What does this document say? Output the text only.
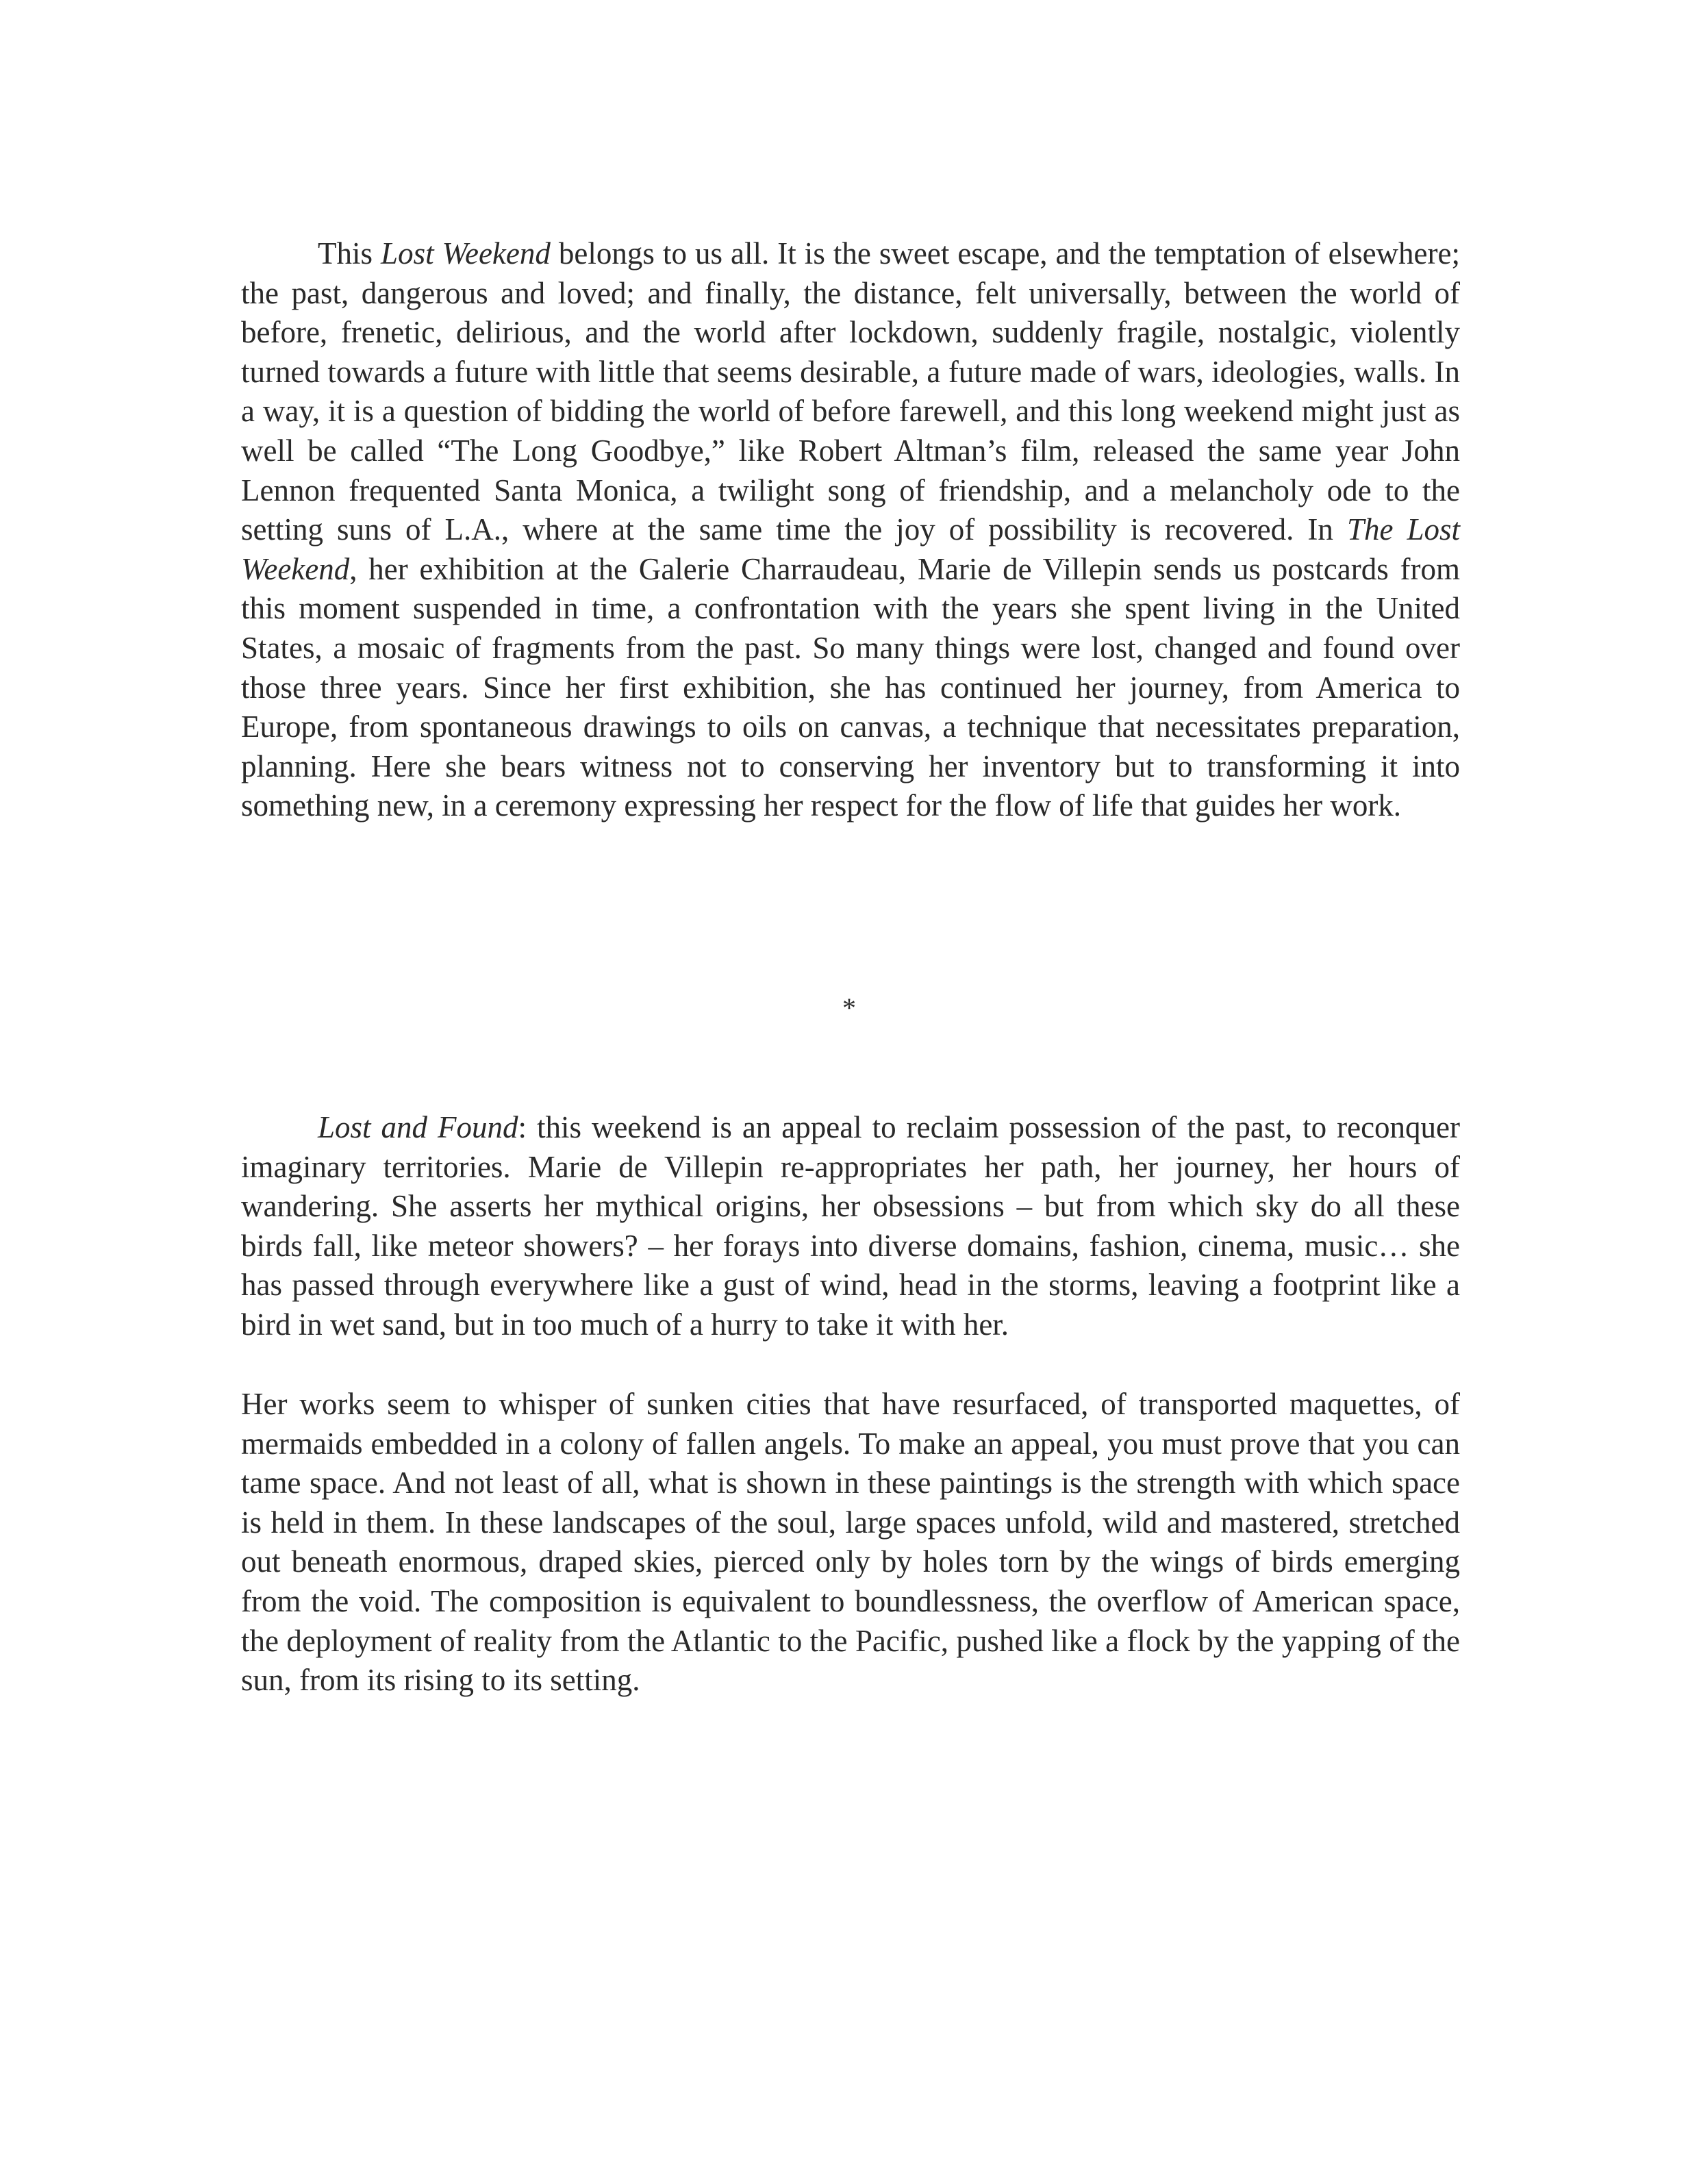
This Lost Weekend belongs to us all. It is the sweet escape, and the temptation of elsewhere; the past, dangerous and loved; and finally, the distance, felt universally, between the world of before, frenetic, delirious, and the world after lockdown, suddenly fragile, nostalgic, violently turned towards a future with little that seems desirable, a future made of wars, ideologies, walls. In a way, it is a question of bidding the world of before farewell, and this long weekend might just as well be called “The Long Goodbye,” like Robert Altman’s film, released the same year John Lennon frequented Santa Monica, a twilight song of friendship, and a melancholy ode to the setting suns of L.A., where at the same time the joy of possibility is recovered. In The Lost Weekend, her exhibition at the Galerie Charraudeau, Marie de Villepin sends us postcards from this moment suspended in time, a confrontation with the years she spent living in the United States, a mosaic of fragments from the past. So many things were lost, changed and found over those three years. Since her first exhibition, she has continued her journey, from America to Europe, from spontaneous drawings to oils on canvas, a technique that necessitates preparation, planning. Here she bears witness not to conserving her inventory but to transforming it into something new, in a ceremony expressing her respect for the flow of life that guides her work.

*

Lost and Found: this weekend is an appeal to reclaim possession of the past, to reconquer imaginary territories. Marie de Villepin re-appropriates her path, her journey, her hours of wandering. She asserts her mythical origins, her obsessions – but from which sky do all these birds fall, like meteor showers? – her forays into diverse domains, fashion, cinema, music… she has passed through everywhere like a gust of wind, head in the storms, leaving a footprint like a bird in wet sand, but in too much of a hurry to take it with her.

Her works seem to whisper of sunken cities that have resurfaced, of transported maquettes, of mermaids embedded in a colony of fallen angels. To make an appeal, you must prove that you can tame space. And not least of all, what is shown in these paintings is the strength with which space is held in them. In these landscapes of the soul, large spaces unfold, wild and mastered, stretched out beneath enormous, draped skies, pierced only by holes torn by the wings of birds emerging from the void. The composition is equivalent to boundlessness, the overflow of American space, the deployment of reality from the Atlantic to the Pacific, pushed like a flock by the yapping of the sun, from its rising to its setting.
